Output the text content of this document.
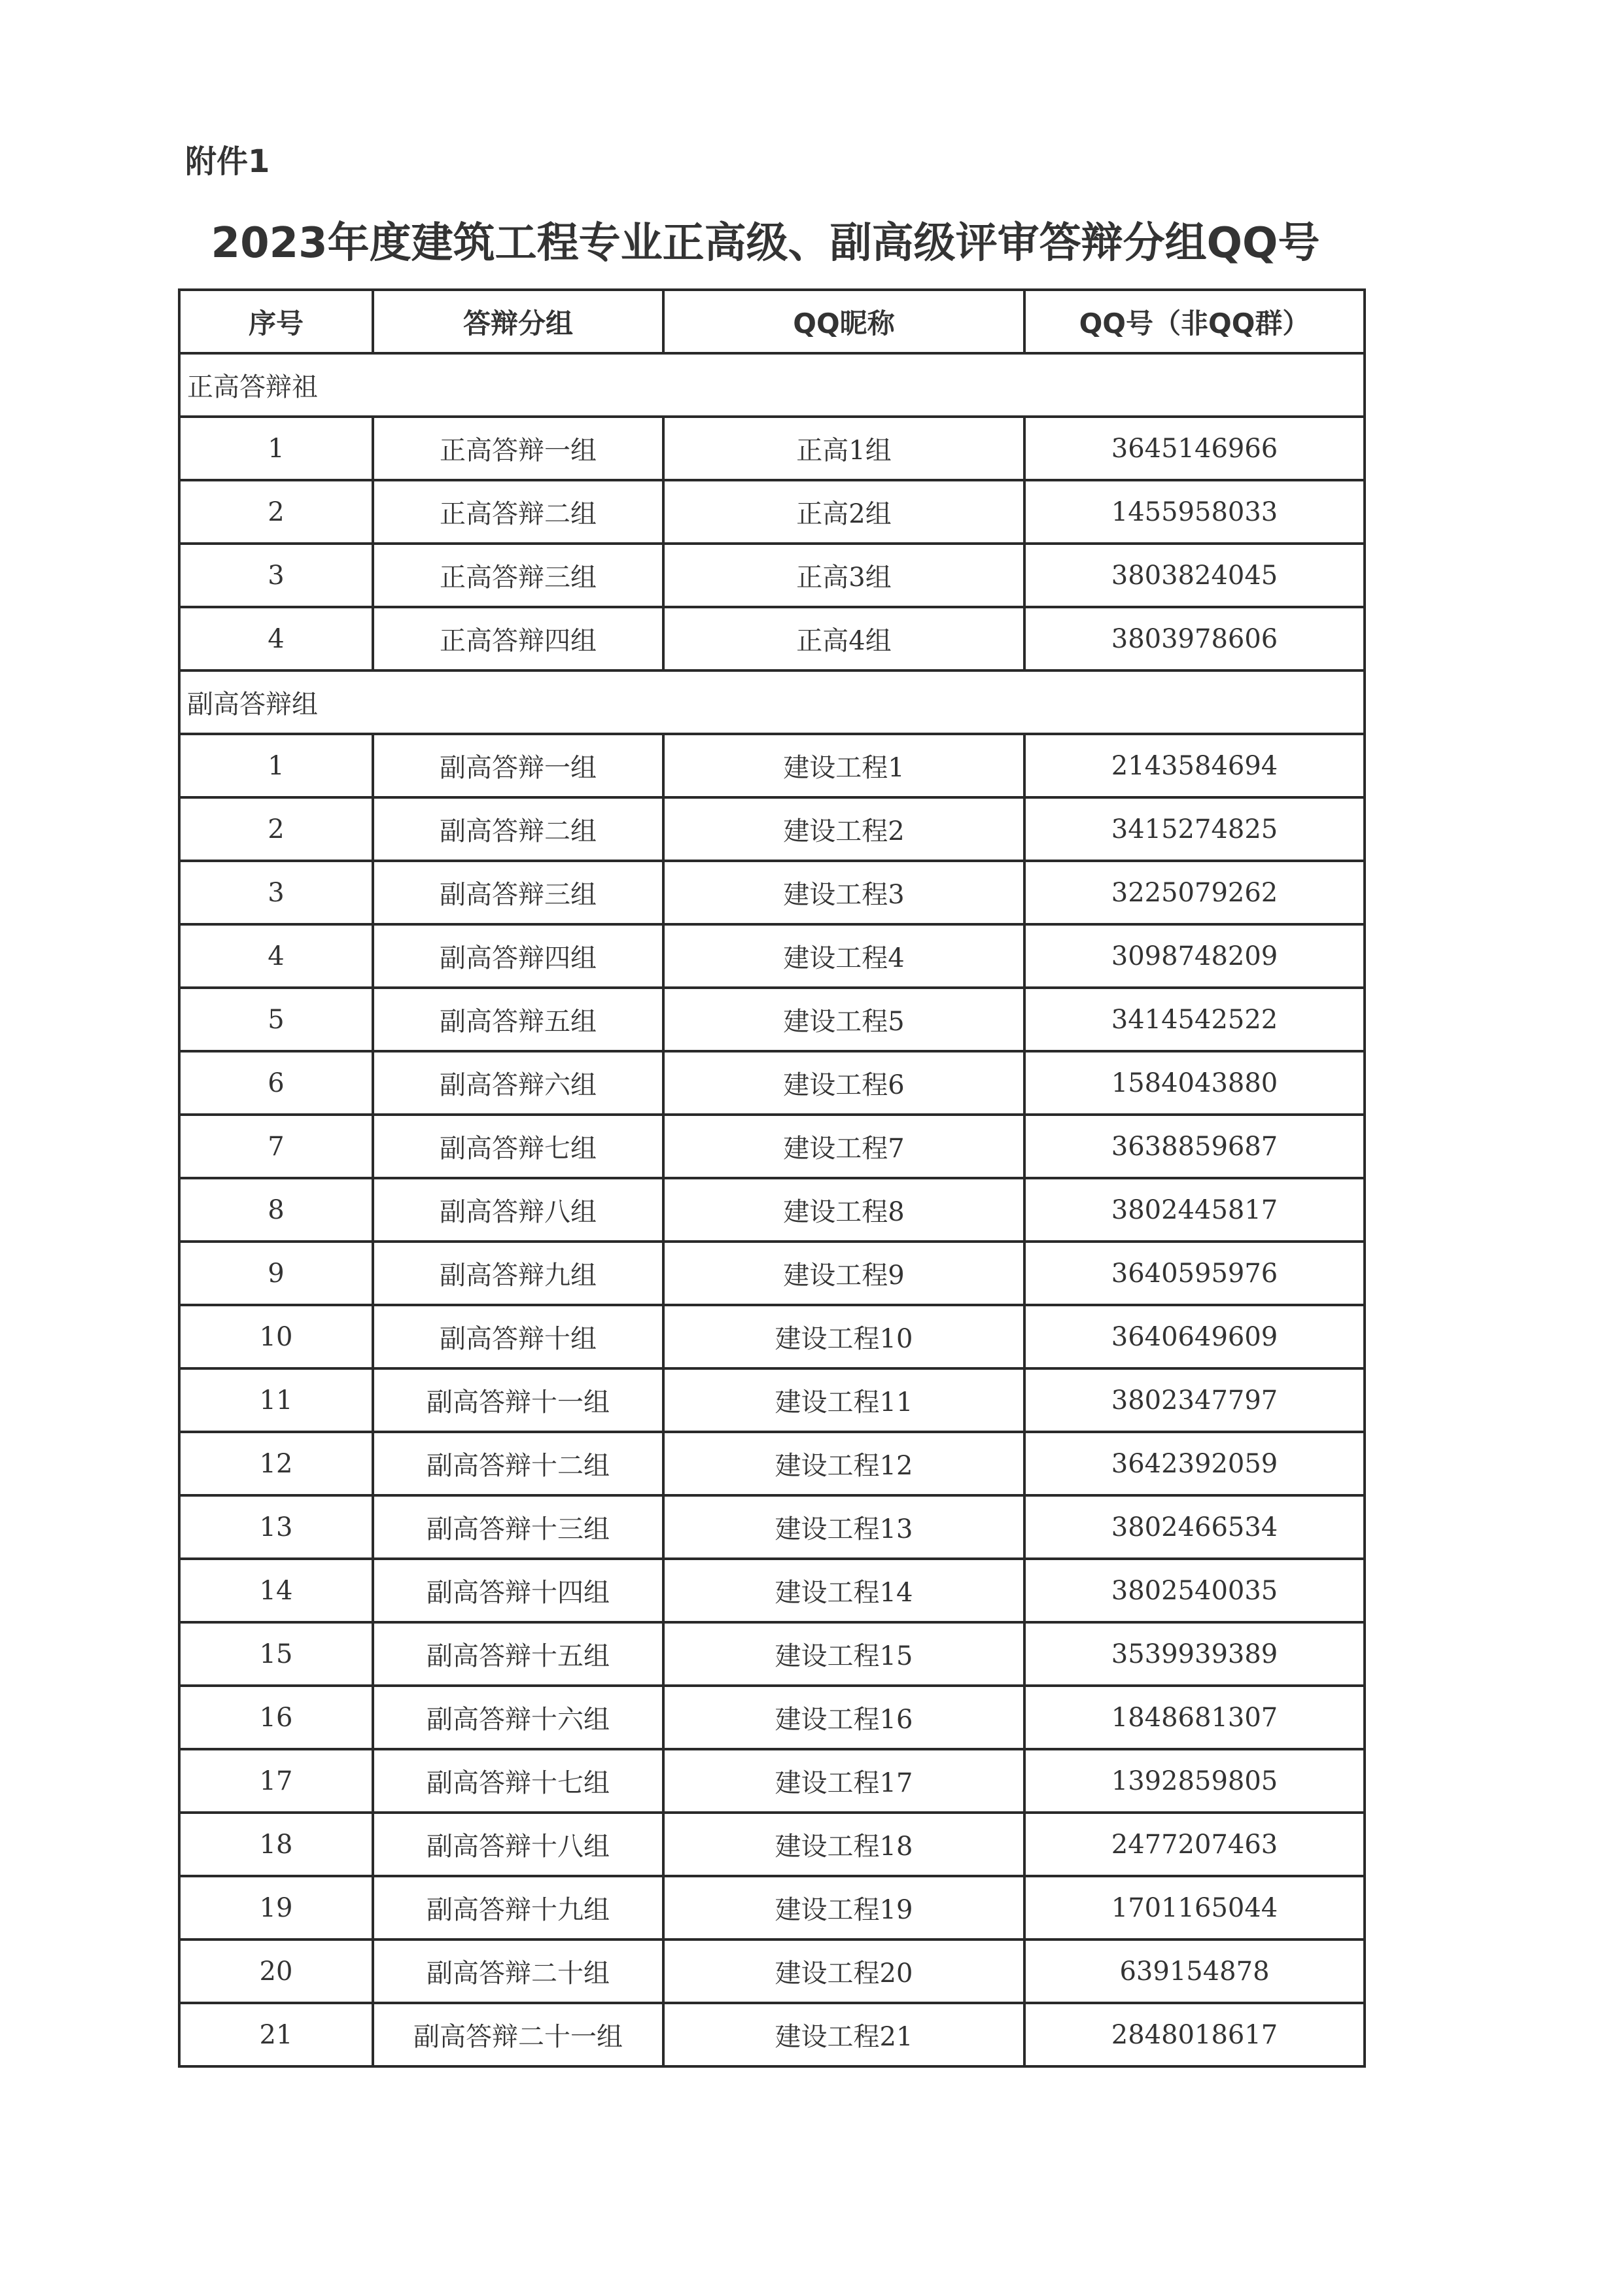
附件1
2023年度建筑工程专业正高级、副高级评审答辩分组QQ号
序号	答辩分组	QQ昵称	QQ号（非QQ群）
正高答辩祖			
1	正高答辩一组	正高1组	3645146966
2	正高答辩二组	正高2组	1455958033
3	正高答辩三组	正高3组	3803824045
4	正高答辩四组	正高4组	3803978606
副高答辩组			
1	副高答辩一组	建设工程1	2143584694
2	副高答辩二组	建设工程2	3415274825
3	副高答辩三组	建设工程3	3225079262
4	副高答辩四组	建设工程4	3098748209
5	副高答辩五组	建设工程5	3414542522
6	副高答辩六组	建设工程6	1584043880
7	副高答辩七组	建设工程7	3638859687
8	副高答辩八组	建设工程8	3802445817
9	副高答辩九组	建设工程9	3640595976
10	副高答辩十组	建设工程10	3640649609
11	副高答辩十一组	建设工程11	3802347797
12	副高答辩十二组	建设工程12	3642392059
13	副高答辩十三组	建设工程13	3802466534
14	副高答辩十四组	建设工程14	3802540035
15	副高答辩十五组	建设工程15	3539939389
16	副高答辩十六组	建设工程16	1848681307
17	副高答辩十七组	建设工程17	1392859805
18	副高答辩十八组	建设工程18	2477207463
19	副高答辩十九组	建设工程19	1701165044
20	副高答辩二十组	建设工程20	639154878
21	副高答辩二十一组	建设工程21	2848018617
